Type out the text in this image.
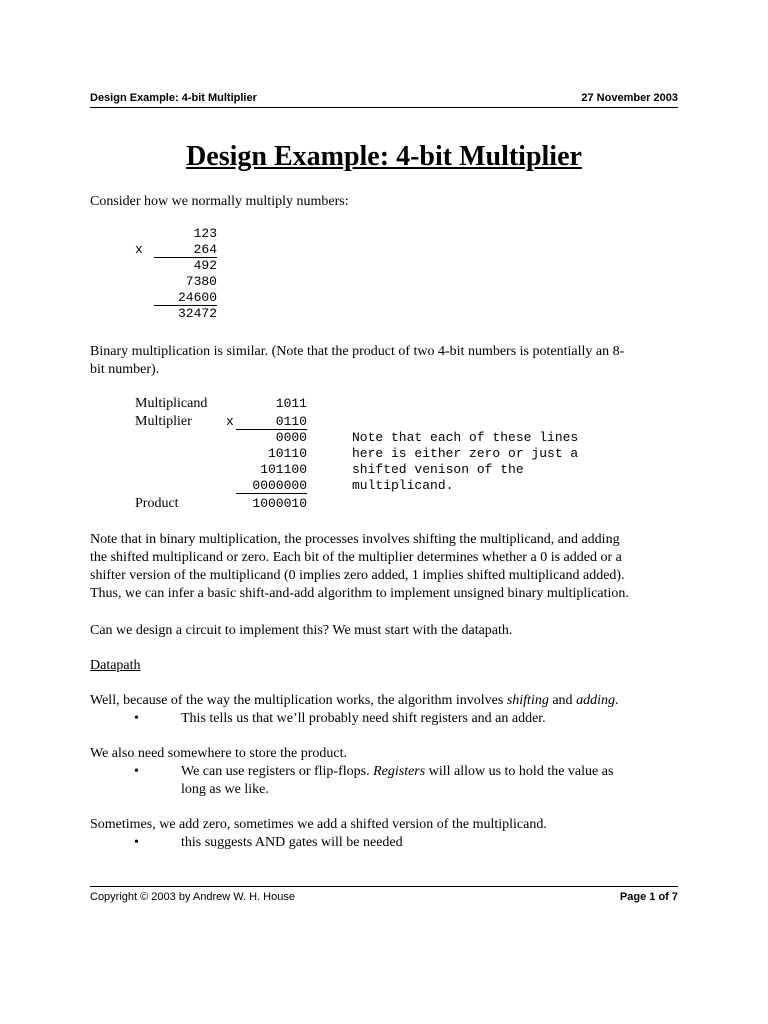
Design Example: 4-bit Multiplier	27 November 2003
Design Example: 4-bit Multiplier
Consider how we normally multiply numbers:
123
x	264
492
7380
24600
32472
Binary multiplication is similar. (Note that the product of two 4-bit numbers is potentially an 8-
bit number).
Multiplicand	1011
Multiplier	x	0110
0000
10110
101100
0000000
Product	1000010
Note that each of these lines
here is either zero or just a
shifted venison of the
multiplicand.
Note that in binary multiplication, the processes involves shifting the multiplicand, and adding
the shifted multiplicand or zero. Each bit of the multiplier determines whether a 0 is added or a
shifter version of the multiplicand (0 implies zero added, 1 implies shifted multiplicand added).
Thus, we can infer a basic shift-and-add algorithm to implement unsigned binary multiplication.
Can we design a circuit to implement this? We must start with the datapath.
Datapath
Well, because of the way the multiplication works, the algorithm involves shifting and adding.
•	This tells us that we’ll probably need shift registers and an adder.
We also need somewhere to store the product.
•	We can use registers or flip-flops. Registers will allow us to hold the value as
long as we like.
Sometimes, we add zero, sometimes we add a shifted version of the multiplicand.
•	this suggests AND gates will be needed
Copyright © 2003 by Andrew W. H. House	Page 1 of 7
